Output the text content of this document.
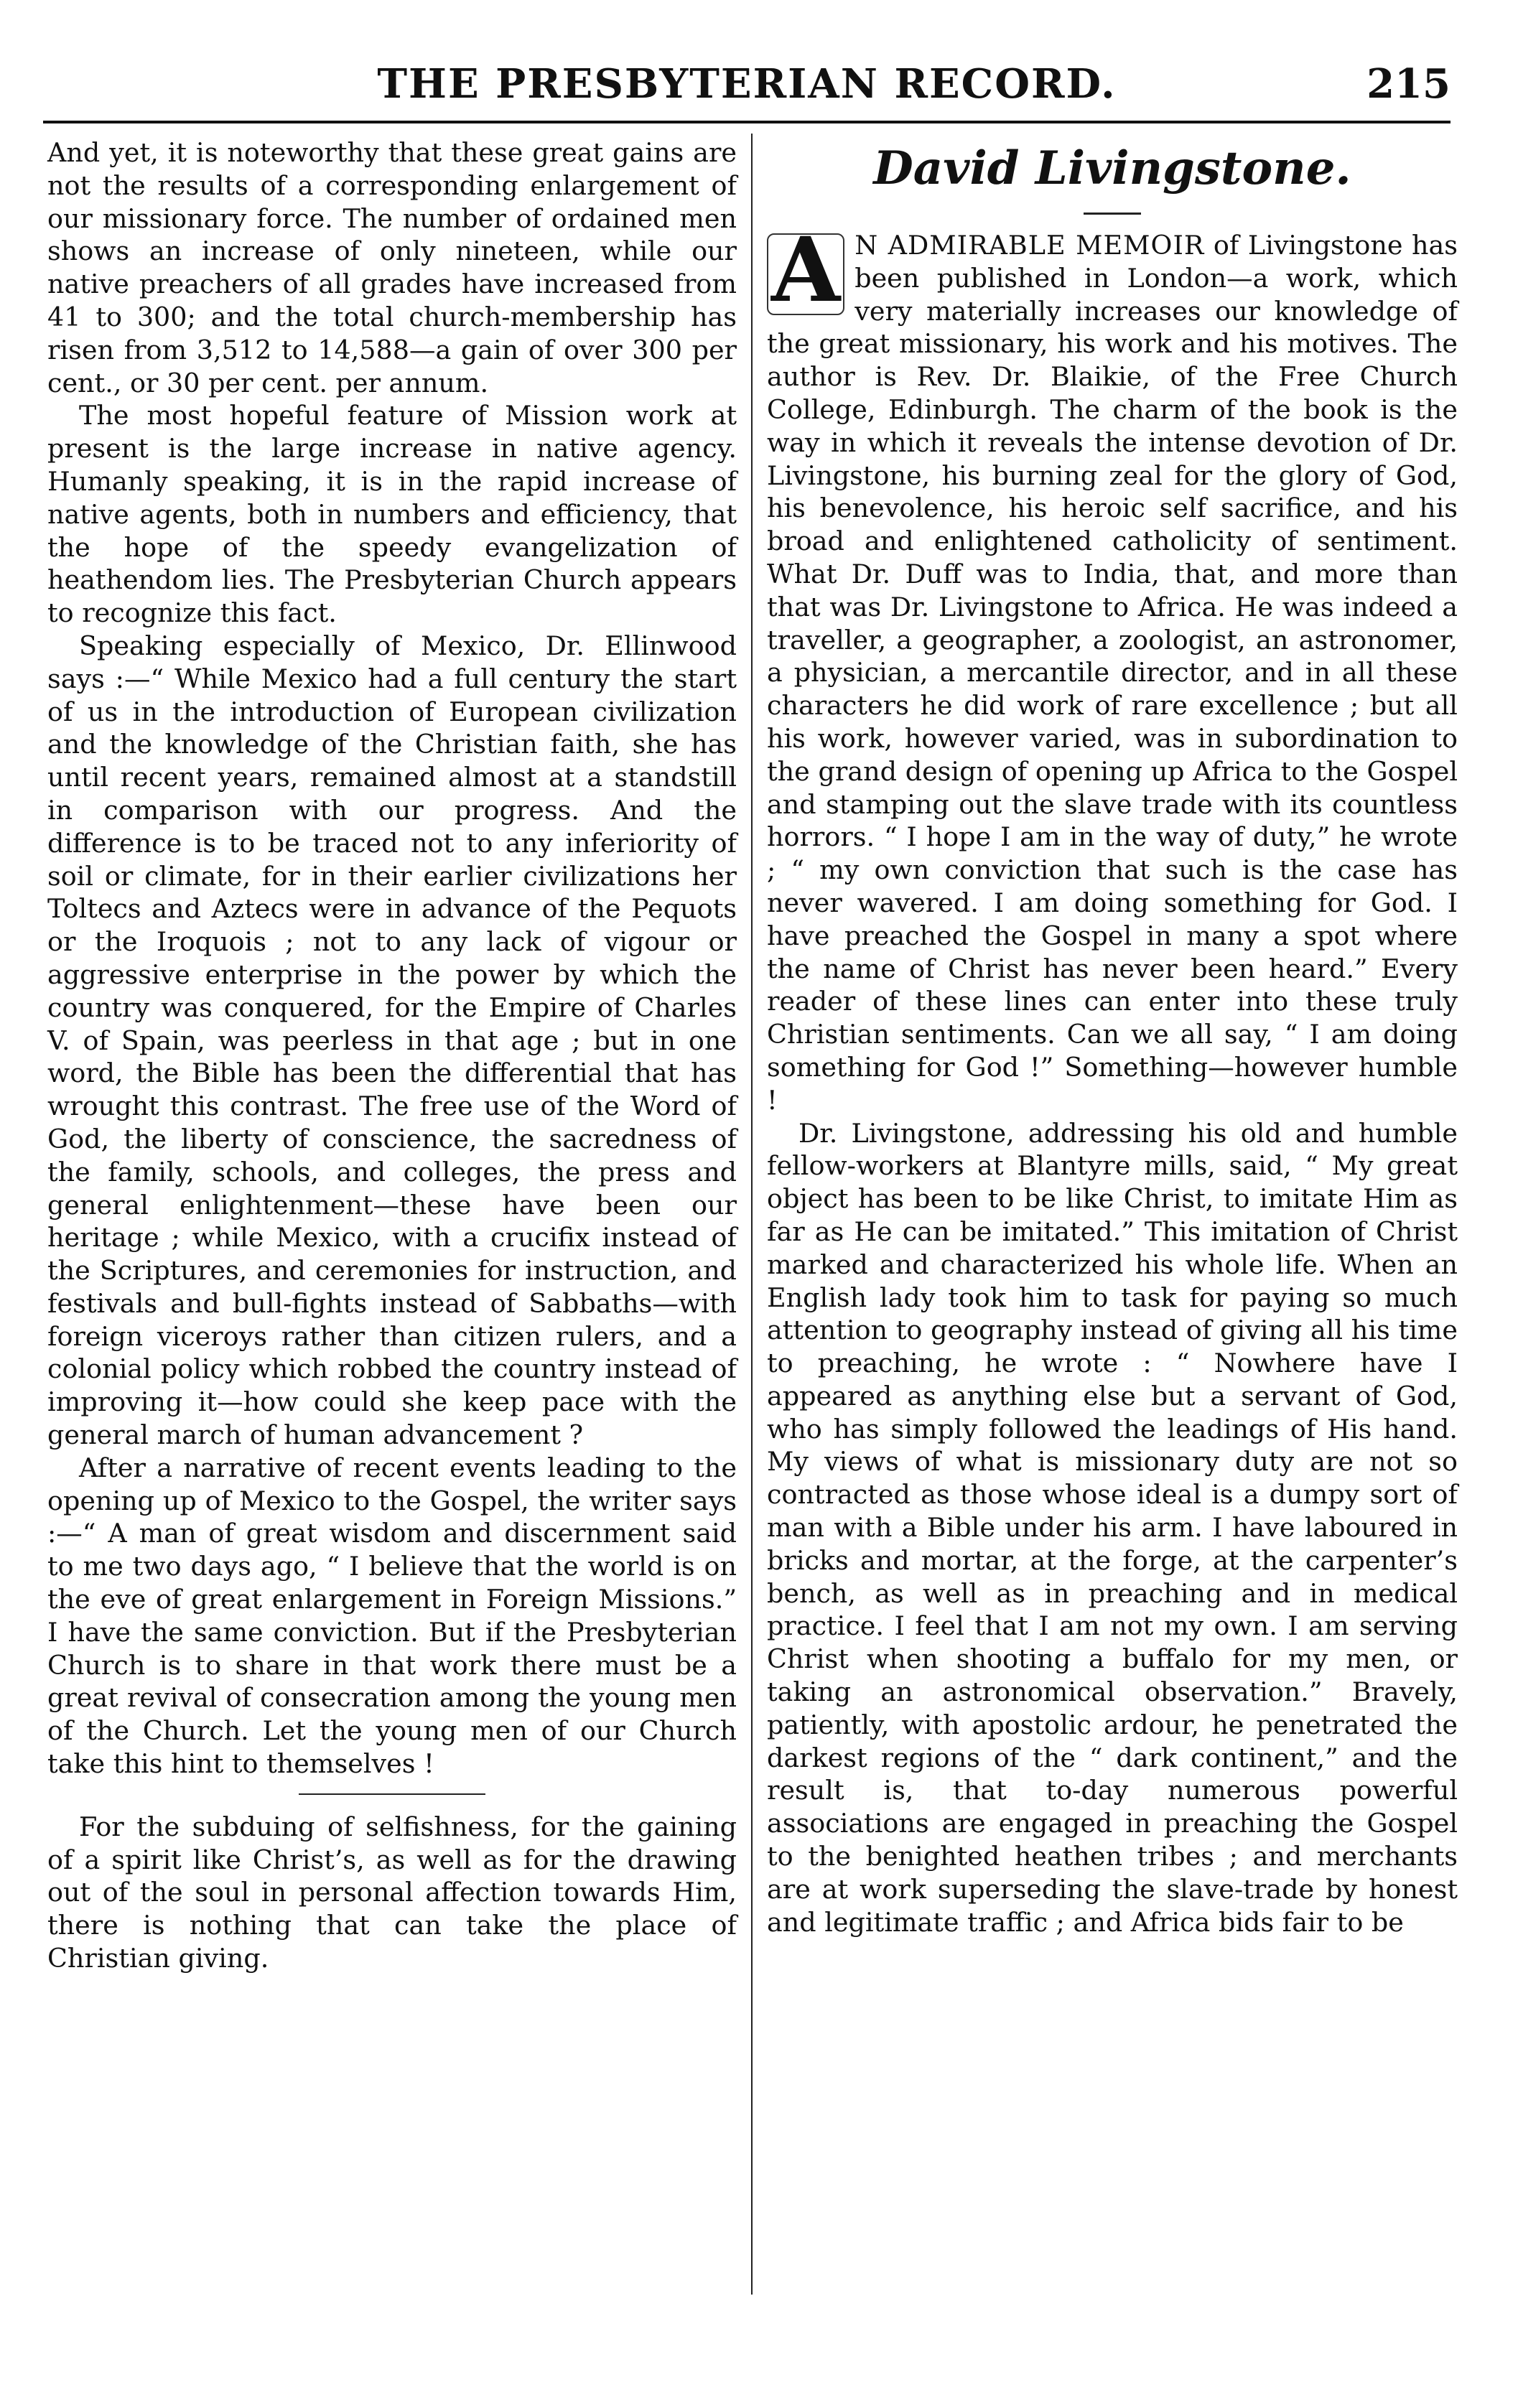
THE PRESBYTERIAN RECORD.	215

And yet, it is noteworthy that these great gains are not the results of a corresponding enlargement of our missionary force. The number of ordained men shows an increase of only nineteen, while our native preachers of all grades have increased from 41 to 300; and the total church-membership has risen from 3,512 to 14,588—a gain of over 300 per cent., or 30 per cent. per annum.

The most hopeful feature of Mission work at present is the large increase in native agency. Humanly speaking, it is in the rapid increase of native agents, both in numbers and efficiency, that the hope of the speedy evangelization of heathendom lies. The Presbyterian Church appears to recognize this fact.

Speaking especially of Mexico, Dr. Ellinwood says :—“ While Mexico had a full century the start of us in the introduction of European civilization and the knowledge of the Christian faith, she has until recent years, remained almost at a standstill in comparison with our progress. And the difference is to be traced not to any inferiority of soil or climate, for in their earlier civilizations her Toltecs and Aztecs were in advance of the Pequots or the Iroquois ; not to any lack of vigour or aggressive enterprise in the power by which the country was conquered, for the Empire of Charles V. of Spain, was peerless in that age ; but in one word, the Bible has been the differential that has wrought this contrast. The free use of the Word of God, the liberty of conscience, the sacredness of the family, schools, and colleges, the press and general enlightenment—these have been our heritage ; while Mexico, with a crucifix instead of the Scriptures, and ceremonies for instruction, and festivals and bull-fights instead of Sabbaths—with foreign viceroys rather than citizen rulers, and a colonial policy which robbed the country instead of improving it—how could she keep pace with the general march of human advancement ?

After a narrative of recent events leading to the opening up of Mexico to the Gospel, the writer says :—“ A man of great wisdom and discernment said to me two days ago, “ I believe that the world is on the eve of great enlargement in Foreign Missions.” I have the same conviction. But if the Presbyterian Church is to share in that work there must be a great revival of consecration among the young men of the Church. Let the young men of our Church take this hint to themselves !

For the subduing of selfishness, for the gaining of a spirit like Christ’s, as well as for the drawing out of the soul in personal affection towards Him, there is nothing that can take the place of Christian giving.

David Livingstone.

A N ADMIRABLE MEMOIR of Livingstone has been published in London—a work, which very materially increases our knowledge of the great missionary, his work and his motives. The author is Rev. Dr. Blaikie, of the Free Church College, Edinburgh. The charm of the book is the way in which it reveals the intense devotion of Dr. Livingstone, his burning zeal for the glory of God, his benevolence, his heroic self sacrifice, and his broad and enlightened catholicity of sentiment. What Dr. Duff was to India, that, and more than that was Dr. Livingstone to Africa. He was indeed a traveller, a geographer, a zoologist, an astronomer, a physician, a mercantile director, and in all these characters he did work of rare excellence ; but all his work, however varied, was in subordination to the grand design of opening up Africa to the Gospel and stamping out the slave trade with its countless horrors. “ I hope I am in the way of duty,” he wrote ; “ my own conviction that such is the case has never wavered. I am doing something for God. I have preached the Gospel in many a spot where the name of Christ has never been heard.” Every reader of these lines can enter into these truly Christian sentiments. Can we all say, “ I am doing something for God !” Something—however humble !

Dr. Livingstone, addressing his old and humble fellow-workers at Blantyre mills, said, “ My great object has been to be like Christ, to imitate Him as far as He can be imitated.” This imitation of Christ marked and characterized his whole life. When an English lady took him to task for paying so much attention to geography instead of giving all his time to preaching, he wrote : “ Nowhere have I appeared as anything else but a servant of God, who has simply followed the leadings of His hand. My views of what is missionary duty are not so contracted as those whose ideal is a dumpy sort of man with a Bible under his arm. I have laboured in bricks and mortar, at the forge, at the carpenter’s bench, as well as in preaching and in medical practice. I feel that I am not my own. I am serving Christ when shooting a buffalo for my men, or taking an astronomical observation.” Bravely, patiently, with apostolic ardour, he penetrated the darkest regions of the “ dark continent,” and the result is, that to-day numerous powerful associations are engaged in preaching the Gospel to the benighted heathen tribes ; and merchants are at work superseding the slave-trade by honest and legitimate traffic ; and Africa bids fair to be
